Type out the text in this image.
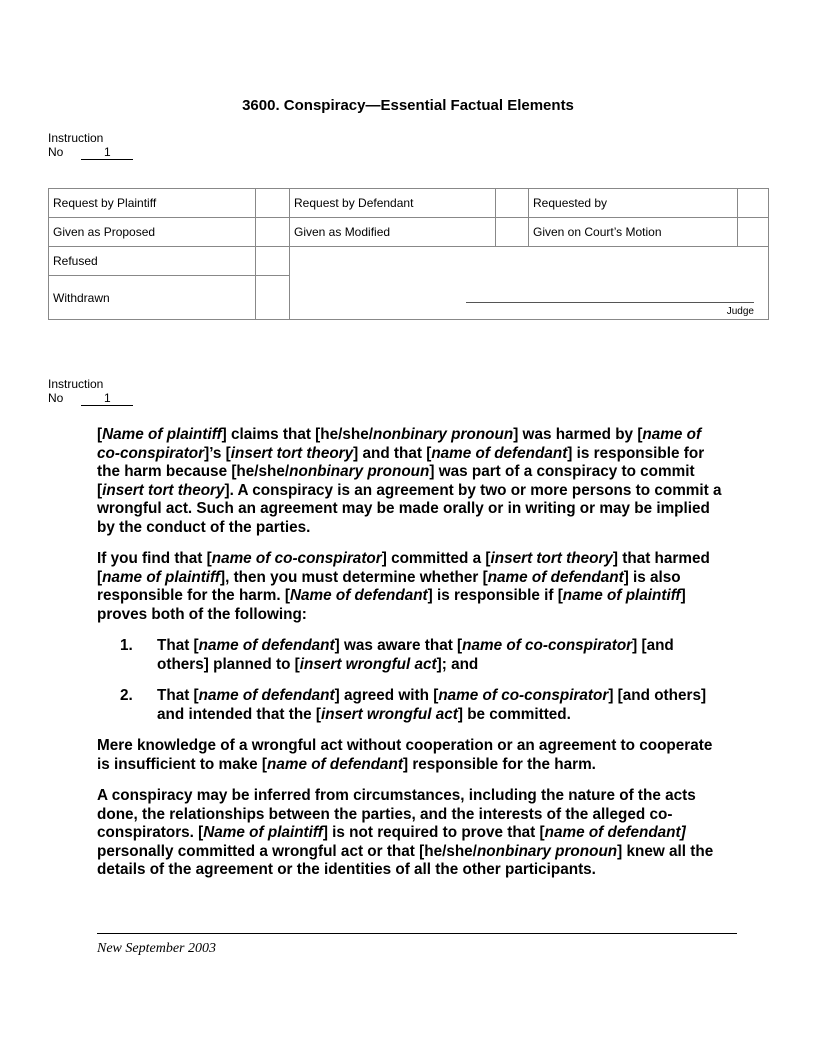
3600. Conspiracy—Essential Factual Elements
Instruction
No	1
Request by Plaintiff		Request by Defendant		Requested by	
Given as Proposed		Given as Modified		Given on Court’s Motion	
Refused		Judge			

Withdrawn					
Instruction
No	1

[Name of plaintiff] claims that [he/she/nonbinary pronoun] was harmed by [name of co-conspirator]’s [insert tort theory] and that [name of defendant] is responsible for the harm because [he/she/nonbinary pronoun] was part of a conspiracy to commit [insert tort theory]. A conspiracy is an agreement by two or more persons to commit a wrongful act. Such an agreement may be made orally or in writing or may be implied by the conduct of the parties.

If you find that [name of co-conspirator] committed a [insert tort theory] that harmed [name of plaintiff], then you must determine whether [name of defendant] is also responsible for the harm. [Name of defendant] is responsible if [name of plaintiff] proves both of the following:

1.	That [name of defendant] was aware that [name of co-conspirator] [and others] planned to [insert wrongful act]; and
2.	That [name of defendant] agreed with [name of co-conspirator] [and others] and intended that the [insert wrongful act] be committed.

Mere knowledge of a wrongful act without cooperation or an agreement to cooperate is insufficient to make [name of defendant] responsible for the harm.

A conspiracy may be inferred from circumstances, including the nature of the acts done, the relationships between the parties, and the interests of the alleged co-conspirators. [Name of plaintiff] is not required to prove that [name of defendant] personally committed a wrongful act or that [he/she/nonbinary pronoun] knew all the details of the agreement or the identities of all the other participants.

New September 2003
